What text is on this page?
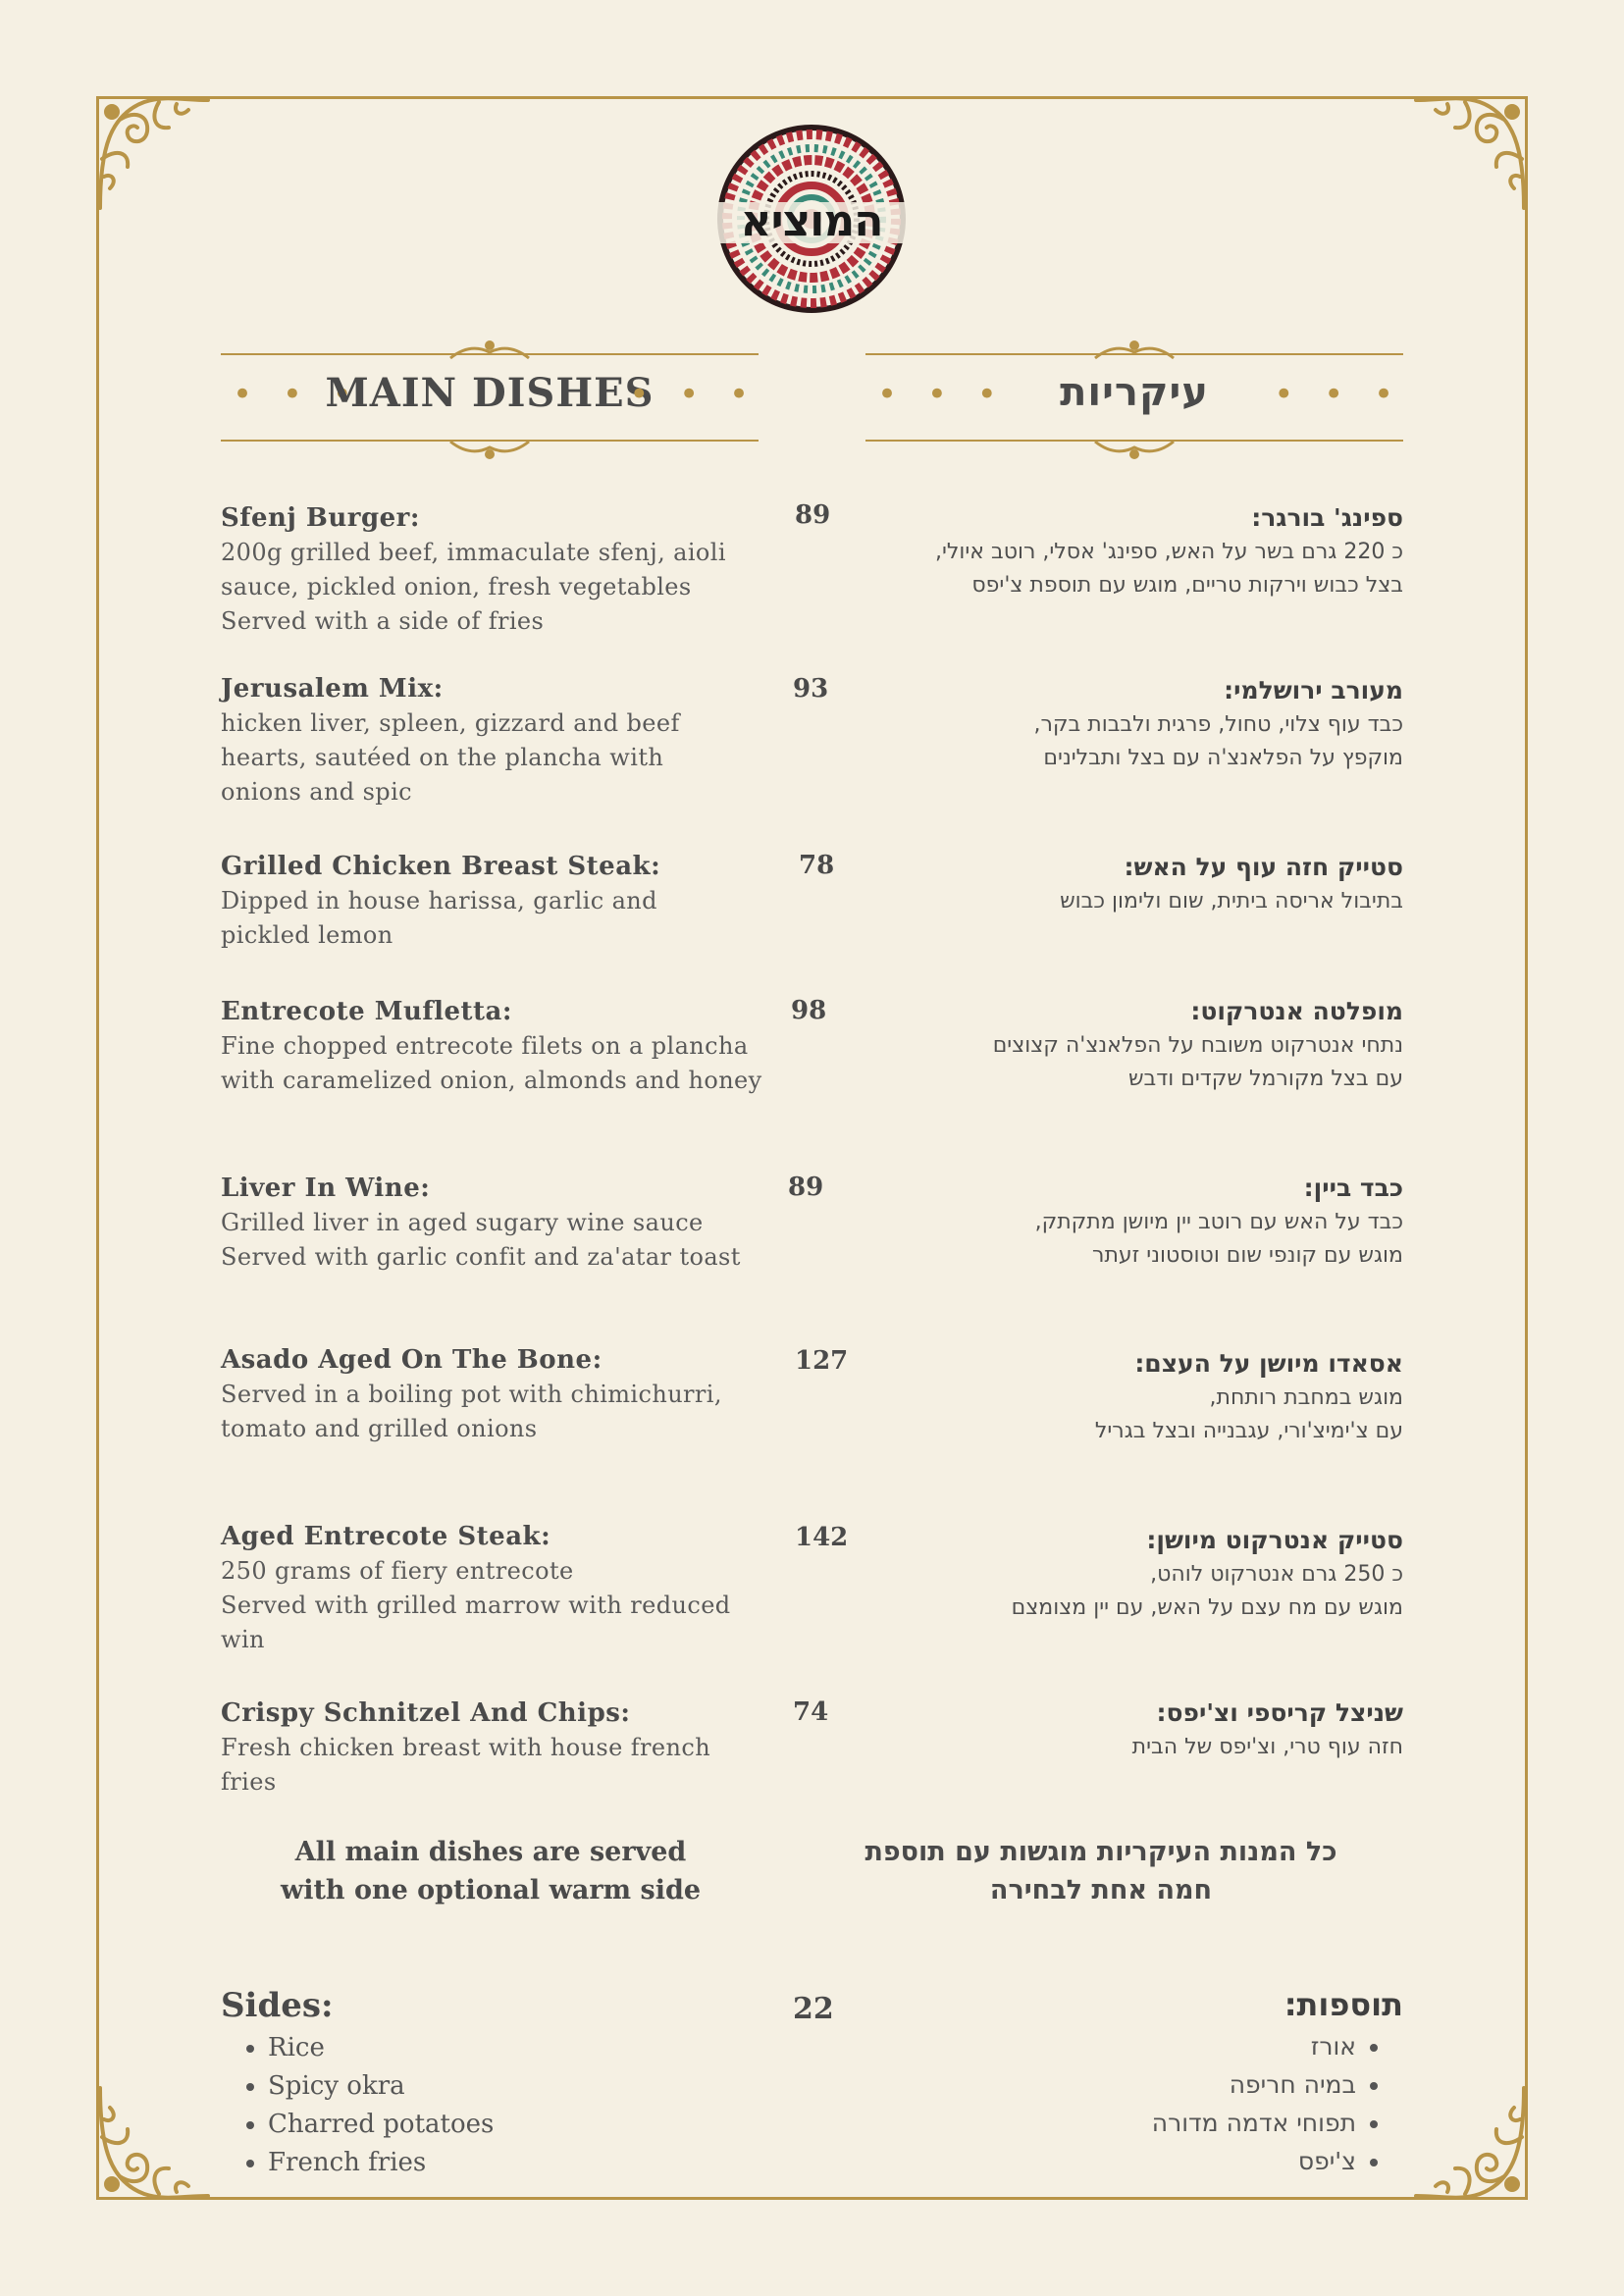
המוציא
• • •
MAIN DISHES
• • •	• • •	עיקריות	• • •
Sfenj Burger:
200g grilled beef, immaculate sfenj, aioli
sauce, pickled onion, fresh vegetables
Served with a side of fries
89	ספינג' בורגר:
כ 220 גרם בשר על האש, ספינג' אסלי, רוטב איולי,
בצל כבוש וירקות טריים, מוגש עם תוספת צ'יפס
Jerusalem Mix:
hicken liver, spleen, gizzard and beef
hearts, sautéed on the plancha with
onions and spic
93	מעורב ירושלמי:
כבד עוף צלוי, טחול, פרגית ולבבות בקר,
מוקפץ על הפלאנצ'ה עם בצל ותבלינים
Grilled Chicken Breast Steak:
Dipped in house harissa, garlic and
pickled lemon
78	סטייק חזה עוף על האש:
בתיבול אריסה ביתית, שום ולימון כבוש
Entrecote Mufletta:
Fine chopped entrecote filets on a plancha
with caramelized onion, almonds and honey
98	מופלטה אנטרקוט:
נתחי אנטרקוט משובח על הפלאנצ'ה קצוצים
עם בצל מקורמל שקדים ודבש
Liver In Wine:
Grilled liver in aged sugary wine sauce
Served with garlic confit and za'atar toast
89	כבד ביין:
כבד על האש עם רוטב יין מיושן מתקתק,
מוגש עם קונפי שום וטוסטוני זעתר
Asado Aged On The Bone:
Served in a boiling pot with chimichurri,
tomato and grilled onions
127	אסאדו מיושן על העצם:
מוגש במחבת רותחת,
עם צ'ימיצ'ורי, עגבנייה ובצל בגריל
Aged Entrecote Steak:
250 grams of fiery entrecote
Served with grilled marrow with reduced
win
142	סטייק אנטרקוט מיושן:
כ 250 גרם אנטרקוט לוהט,
מוגש עם מח עצם על האש, עם יין מצומצם
Crispy Schnitzel And Chips:
Fresh chicken breast with house french fries
74	שניצל קריספי וצ'יפס:
חזה עוף טרי, וצ'יפס של הבית
All main dishes are served with one optional warm side
כל המנות העיקריות מוגשות עם תוספת חמה אחת לבחירה
Sides:
• Rice
• Spicy okra
• Charred potatoes
• French fries
22	תוספות:
• אורז
• במיה חריפה
• תפוחי אדמה מדורה
• צ'יפס
